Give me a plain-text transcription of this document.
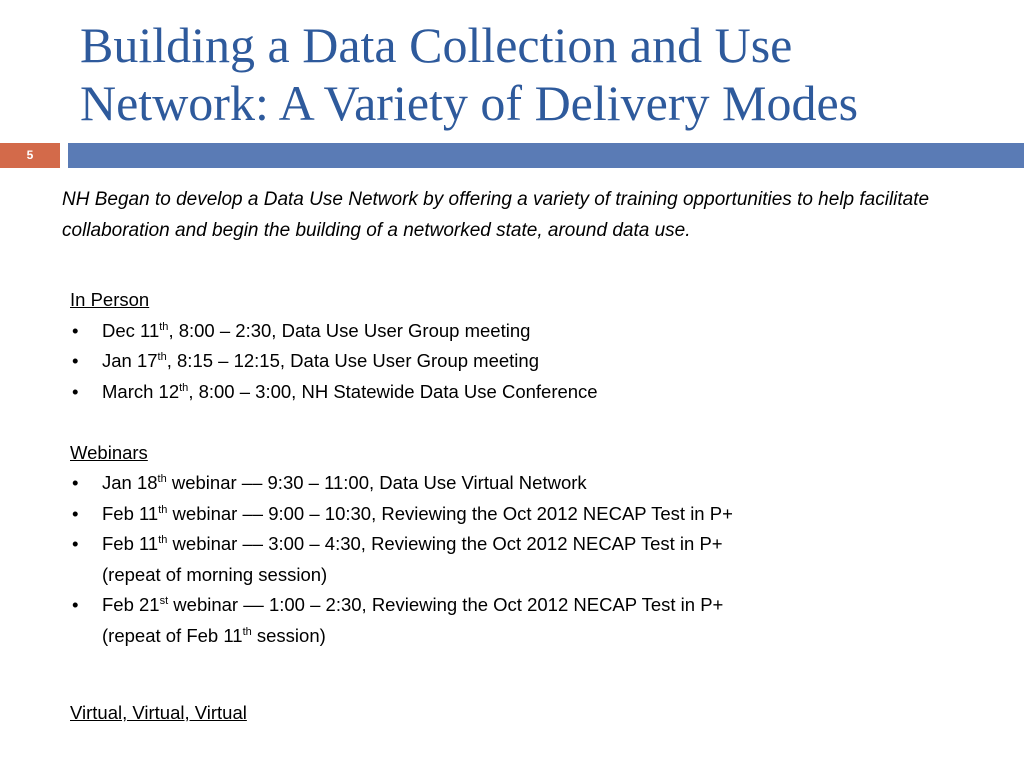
Building a Data Collection and Use
Network: A Variety of Delivery Modes
5

NH Began to develop a Data Use Network by offering a variety of training opportunities to help facilitate collaboration and begin the building of a networked state, around data use.

In Person

• Dec 11th, 8:00 – 2:30, Data Use User Group meeting
• Jan 17th, 8:15 – 12:15, Data Use User Group meeting
• March 12th, 8:00 – 3:00, NH Statewide Data Use Conference

Webinars

• Jan 18th webinar –– 9:30 – 11:00, Data Use Virtual Network
• Feb 11th webinar –– 9:00 – 10:30, Reviewing the Oct 2012 NECAP Test in P+
• Feb 11th webinar –– 3:00 – 4:30, Reviewing the Oct 2012 NECAP Test in P+
(repeat of morning session)
• Feb 21st webinar –– 1:00 – 2:30, Reviewing the Oct 2012 NECAP Test in P+
(repeat of Feb 11th session)

Virtual, Virtual, Virtual
